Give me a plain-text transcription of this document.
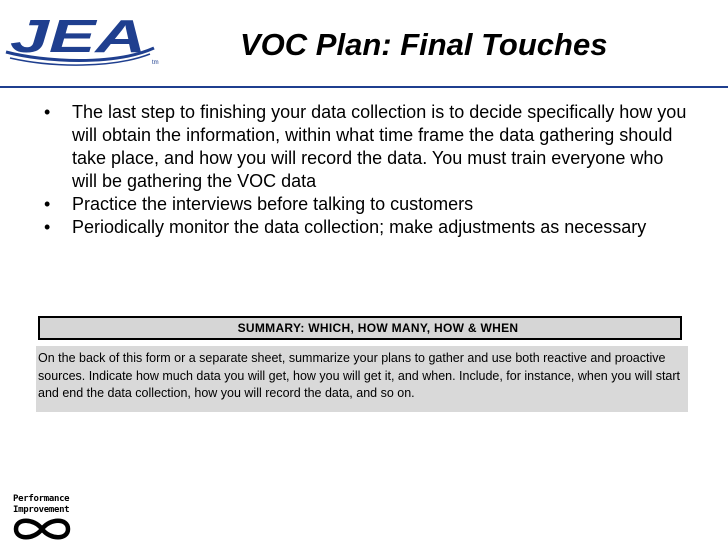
JEA
tm
VOC Plan: Final Touches
• The last step to finishing your data collection is to decide specifically how you will obtain the information, within what time frame the data gathering should take place, and how you will record the data. You must train everyone who will be gathering the VOC data
• Practice the interviews before talking to customers
• Periodically monitor the data collection; make adjustments as necessary
SUMMARY: WHICH, HOW MANY, HOW & WHEN

On the back of this form or a separate sheet, summarize your plans to gather and use both reactive and proactive sources. Indicate how much data you will get, how you will get it, and when. Include, for instance, when you will start and end the data collection, how you will record the data, and so on.

Performance
Improvement
